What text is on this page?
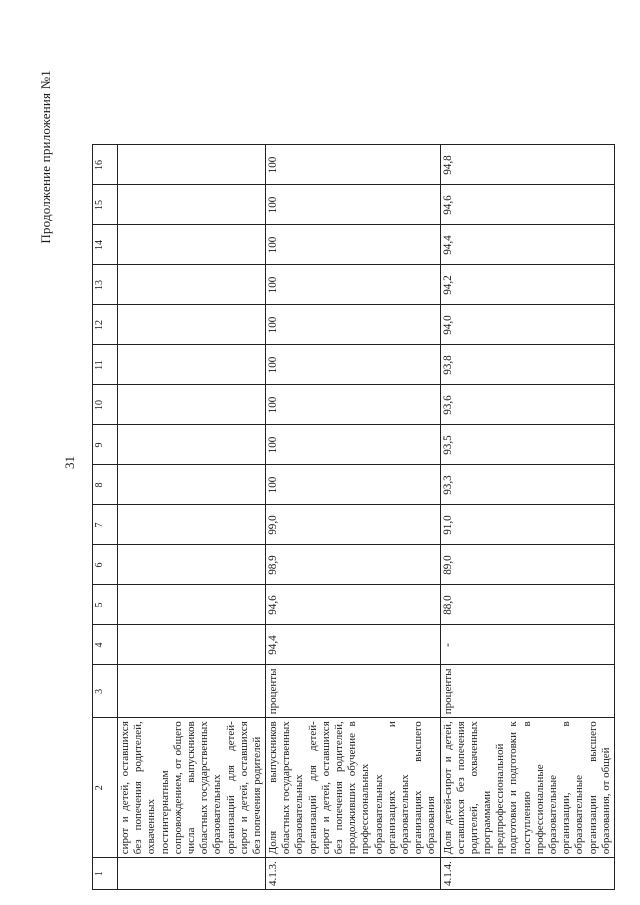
Продолжение приложения №1
31
1	2	3	4	5	6	7	8	9	10	11	12	13	14	15	16
	сирот и детей, оставшихся без попечения родителей, охваченных постинтернатным сопровождением, от общего числа выпускников областных государственных образовательных организаций для детей-сирот и детей, оставшихся без попечения родителей														
4.1.3.	Доля выпускников областных государственных образовательных организаций для детей-сирот и детей, оставшихся без попечения родителей, продолживших обучение в профессиональных образовательных организациях и образовательных организациях высшего образования	проценты	94,4	94,6	98,9	99,0	100	100	100	100	100	100	100	100	100
4.1.4.	Доля детей-сирот и детей, оставшихся без попечения родителей, охваченных программами предпрофессиональной подготовки и подготовки к поступлению в профессиональные образовательные организации, в образовательные организации высшего образования, от общей	проценты	-	88,0	89,0	91,0	93,3	93,5	93,6	93,8	94,0	94,2	94,4	94,6	94,8
